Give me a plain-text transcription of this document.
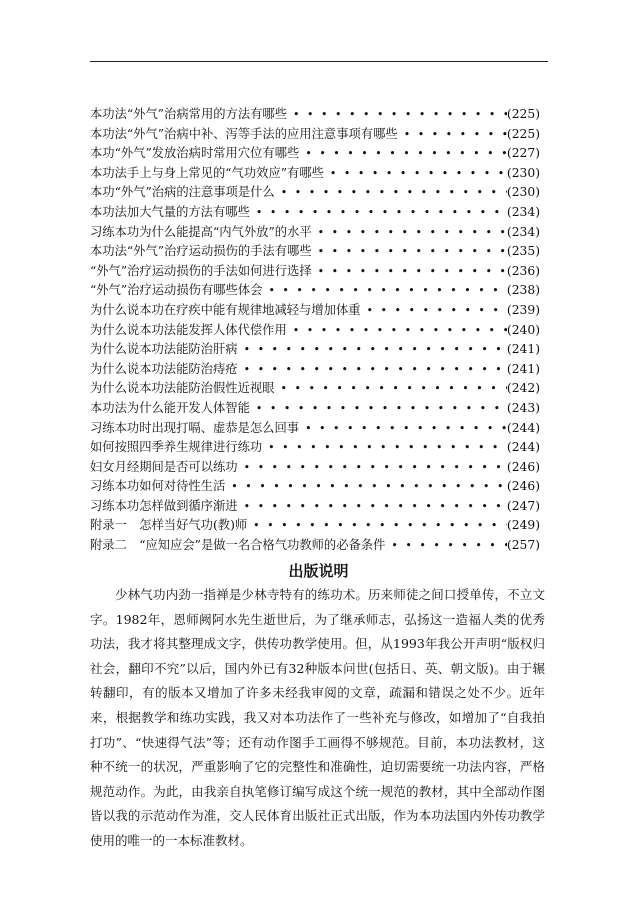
本功法“外气”治病常用的方法有哪些 • • •	(225)
本功法“外气”治病中补、泻等手法的应用注意事项有哪些 • • •	(225)
本功“外气”发放治病时常用穴位有哪些 • • •	(227)
本功法手上与身上常见的“气功效应”有哪些 • • •	(230)
本功“外气”治病的注意事项是什么 • • •	(230)
本功法加大气量的方法有哪些 • • •	(234)
习练本功为什么能提高“内气外放”的水平 • • •	(234)
本功法“外气”治疗运动损伤的手法有哪些 • • •	(235)
“外气”治疗运动损伤的手法如何进行选择 • • •	(236)
“外气”治疗运动损伤有哪些体会 • • •	(238)
为什么说本功在疗疾中能有规律地减轻与增加体重 • • •	(239)
为什么说本功法能发挥人体代偿作用 • • •	(240)
为什么说本功法能防治肝病 • • •	(241)
为什么说本功法能防治痔疮 • • •	(241)
为什么说本功法能防治假性近视眼 • • •	(242)
本功法为什么能开发人体智能 • • •	(243)
习练本功时出现打嗝、虚恭是怎么回事 • • •	(244)
如何按照四季养生规律进行练功 • • •	(244)
妇女月经期间是否可以练功 • • •	(246)
习练本功如何对待性生活 • • •	(246)
习练本功怎样做到循序渐进 • • •	(247)
附录一　怎样当好气功(教)师 • • •	(249)
附录二　“应知应会”是做一名合格气功教师的必备条件 • • •	(257)
出版说明

少林气功内劲一指禅是少林寺特有的练功术。历来师徒之间口授单传，不立文字。1982年，恩师阙阿水先生逝世后，为了继承师志，弘扬这一造福人类的优秀功法，我才将其整理成文字，供传功教学使用。但，从1993年我公开声明“版权归社会，翻印不究”以后，国内外已有32种版本问世(包括日、英、朝文版)。由于辗转翻印，有的版本又增加了许多未经我审阅的文章，疏漏和错误之处不少。近年来，根据教学和练功实践，我又对本功法作了一些补充与修改，如增加了“自我拍打功”、“快速得气法”等；还有动作图手工画得不够规范。目前，本功法教材，这种不统一的状况，严重影响了它的完整性和准确性，迫切需要统一功法内容，严格规范动作。为此，由我亲自执笔修订编写成这个统一规范的教材，其中全部动作图皆以我的示范动作为准，交人民体育出版社正式出版，作为本功法国内外传功教学使用的唯一的一本标准教材。
